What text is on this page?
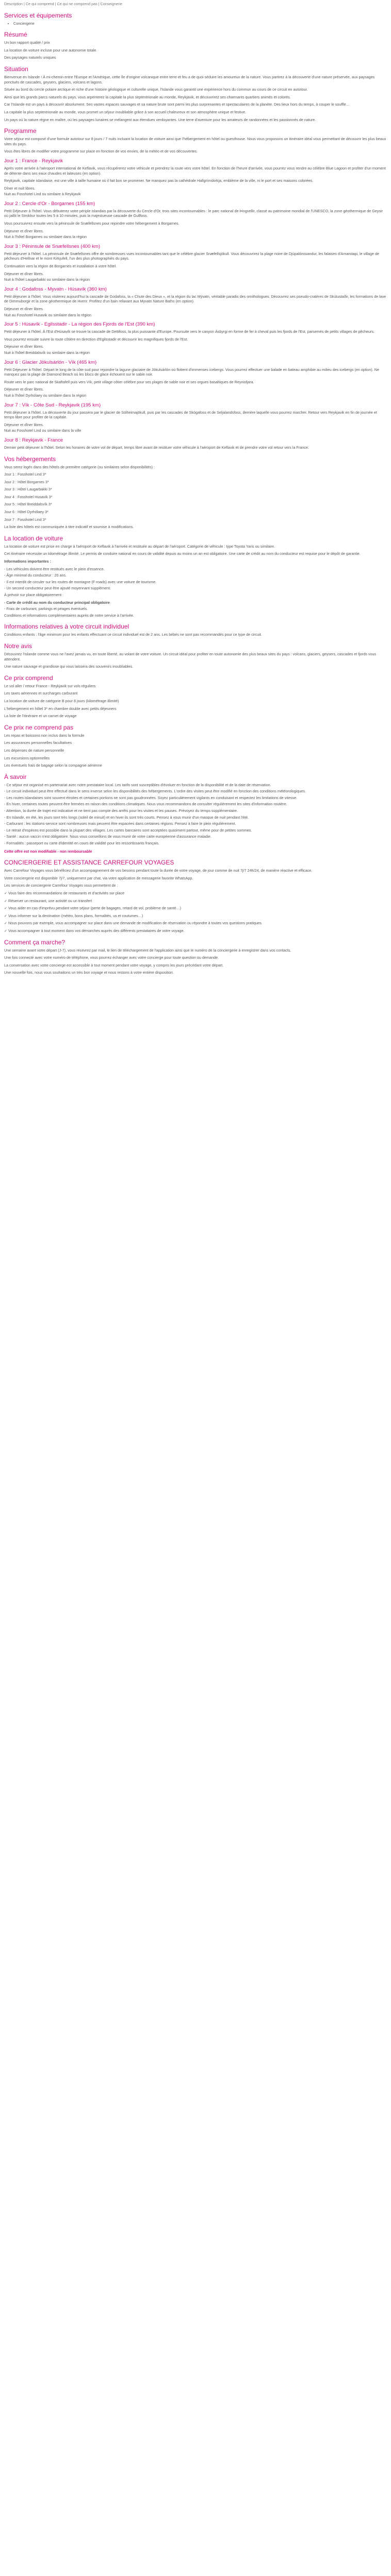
Description | Ce qui comprend | Ce qui ne comprend pas | Conseignerie
Services et équipements
• Conciergerie
Résumé

Un bon rapport qualité / prix

La location de voiture incluse pour une autonomie totale

Des paysages naturels uniques

Situation

Bienvenue en Islande ! À mi-chemin entre l'Europe et l'Amérique, cette île d'origine volcanique entre terre et feu a de quoi séduire les amoureux de la nature. Vous partirez à la découverte d'une nature préservée, aux paysages ponctués de cascades, geysers, glaciers, volcans et lagons.

Située au bord du cercle polaire arctique et riche d'une histoire géologique et culturelle unique, l'Islande vous garantit une expérience hors du commun au cours de ce circuit en autotour.

Ainsi que les grands parcs naturels du pays, vous arpenterez la capitale la plus septentrionale au monde, Reykjavik, et découvrirez ses charmants quartiers animés et colorés.

Car l'Islande est un pays à découvrir absolument. Ses vastes espaces sauvages et sa nature brute sont parmi les plus surprenantes et spectaculaires de la planète. Des lieux hors du temps, à couper le souffle…

La capitale la plus septentrionale au monde, vous promet un séjour inoubliable grâce à son accueil chaleureux et son atmosphère unique et festive.

Un pays où la nature règne en maître, où les paysages lunaires se mélangent aux étendues verdoyantes. Une terre d'aventure pour les amateurs de randonnées et les passionnés de nature.

Programme

Votre séjour est composé d'une formule autotour sur 8 jours / 7 nuits incluant la location de voiture ainsi que l'hébergement en hôtel ou guesthouse. Nous vous proposons un itinéraire idéal vous permettant de découvrir les plus beaux sites du pays.

Vous êtes libres de modifier votre programme sur place en fonction de vos envies, de la météo et de vos découvertes.

Jour 1 : France - Reykjavik

Après votre arrivée à l'aéroport international de Keflavik, vous récupérerez votre véhicule et prendrez la route vers votre hôtel. En fonction de l'heure d'arrivée, vous pourrez vous rendre au célèbre Blue Lagoon et profiter d'un moment de détente dans ses eaux chaudes et laiteuses (en option).

Reykjavik, capitale islandaise, est une ville à taille humaine où il fait bon se promener. Ne manquez pas la cathédrale Hallgrímskirkja, emblème de la ville, ni le port et ses maisons colorées.

Dîner et nuit libres.

Nuit au Fosshotel Lind ou similaire à Reykjavik

Jour 2 : Cercle d'Or - Borgarnes (155 km)

Petit Déjeuner à l'hôtel. Vous débuterez votre périple islandais par la découverte du Cercle d'Or, trois sites incontournables : le parc national de Þingvellir, classé au patrimoine mondial de l'UNESCO, la zone géothermique de Geysir où jaillit le Strokkur toutes les 5 à 10 minutes, puis la majestueuse cascade de Gullfoss.

Vous poursuivrez ensuite vers la péninsule de Snæfellsnes pour rejoindre votre hébergement à Borgarnes.

Déjeuner et dîner libres.

Nuit à l'hôtel Borgarnes ou similaire dans la région

Jour 3 : Péninsule de Snæfellsnes (400 km)

Petit déjeuner à l'hôtel. La péninsule de Snæfellsnes offre de nombreuses vues incontournables tant que le célèbre glacier Snæfellsjökull. Vous découvrirez la plage noire de Djúpalónssandur, les falaises d'Arnarstapi, le village de pêcheurs d'Hellnar et le mont Kirkjufell, l'un des plus photographiés du pays.

Continuation vers la région de Borgarnes et installation à votre hôtel.

Déjeuner et dîner libres.

Nuit à l'hôtel Laugarbakki ou similaire dans la région

Jour 4 : Godafoss - Myvatn - Húsavík (360 km)

Petit déjeuner à l'hôtel. Vous visiterez aujourd'hui la cascade de Godafoss, la « Chute des Dieux », et la région du lac Mývatn, véritable paradis des ornithologues. Découvrez ses pseudo-cratères de Skútustaðir, les formations de lave de Dimmuborgir et la zone géothermique de Hverir. Profitez d'un bain relaxant aux Myvatn Nature Baths (en option).

Déjeuner et dîner libres.

Nuit au Fosshotel Husavik ou similaire dans la région

Jour 5 : Húsavík - Egilsstadir - La région des Fjords de l'Est (390 km)

Petit déjeuner à l'hôtel. À l'Est d'Húsavík se trouve la cascade de Dettifoss, la plus puissante d'Europe. Poursuite vers le canyon Ásbyrgi en forme de fer à cheval puis les fjords de l'Est, parsemés de petits villages de pêcheurs.

Vous pourrez ensuite suivre la route côtière en direction d'Egilsstadir et découvrir les magnifiques fjords de l'Est.

Déjeuner et dîner libres.

Nuit à l'hôtel Breiddalsvík ou similaire dans la région

Jour 6 : Glacier Jökulsárlón - Vík (465 km)

Petit Déjeuner à l'hôtel. Départ le long de la côte sud pour rejoindre la lagune glaciaire de Jökulsárlón où flottent d'immenses icebergs. Vous pourrez effectuer une balade en bateau amphibie au milieu des icebergs (en option). Ne manquez pas la plage de Diamond Beach où les blocs de glace échouent sur le sable noir.

Route vers le parc national de Skaftafell puis vers Vík, petit village côtier célèbre pour ses plages de sable noir et ses orgues basaltiques de Reynisfjara.

Déjeuner et dîner libres.

Nuit à l'hôtel Dyrhólaey ou similaire dans la région

Jour 7 : Vík - Côte Sud - Reykjavik (195 km)

Petit déjeuner à l'hôtel. La découverte du jour passera par le glacier de Sólheimajökull, puis par les cascades de Skógafoss et de Seljalandsfoss, derrière laquelle vous pourrez marcher. Retour vers Reykjavik en fin de journée et temps libre pour profiter de la capitale.

Déjeuner et dîner libres.

Nuit au Fosshotel Lind ou similaire dans la ville

Jour 8 : Reykjavik - France

Dernier petit déjeuner à l'hôtel. Selon les horaires de votre vol de départ, temps libre avant de restituer votre véhicule à l'aéroport de Keflavik et de prendre votre vol retour vers la France.

Vos hébergements

Vous serez logés dans des hôtels de première catégorie (ou similaires selon disponibilités) :

Jour 1 : Fosshotel Lind 3*

Jour 2 : Hôtel Borgarnes 3*

Jour 3 : Hôtel Laugarbakki 3*

Jour 4 : Fosshotel Husavik 3*

Jour 5 : Hôtel Breiddalsvík 3*

Jour 6 : Hôtel Dyrhólaey 3*

Jour 7 : Fosshotel Lind 3*

La liste des hôtels est communiquée à titre indicatif et soumise à modifications.

La location de voiture

La location de voiture est prise en charge à l'aéroport de Keflavik à l'arrivée et restituée au départ de l'aéroport. Catégorie de véhicule : type Toyota Yaris ou similaire.

Cet itinéraire nécessite un kilométrage illimité. Le permis de conduire national en cours de validité depuis au moins un an est obligatoire. Une carte de crédit au nom du conducteur est requise pour le dépôt de garantie.

Informations importantes :

- Les véhicules doivent être restitués avec le plein d'essence.

- Âge minimal du conducteur : 20 ans.

- Il est interdit de circuler sur les routes de montagne (F-roads) avec une voiture de tourisme.

- Un second conducteur peut être ajouté moyennant supplément.

À prévoir sur place obligatoirement :

- Carte de crédit au nom du conducteur principal obligatoire

- Frais de carburant, parkings et péages éventuels.

Conditions et informations complémentaires auprès de notre service à l'arrivée.

Informations relatives à votre circuit individuel

Conditions enfants : l'âge minimum pour les enfants effectuant ce circuit individuel est de 2 ans. Les bébés ne sont pas recommandés pour ce type de circuit.

Notre avis

Découvrez l'Islande comme vous ne l'avez jamais vu, en toute liberté, au volant de votre voiture. Un circuit idéal pour profiter en toute autonomie des plus beaux sites du pays : volcans, glaciers, geysers, cascades et fjords vous attendent.

Une nature sauvage et grandiose qui vous laissera des souvenirs inoubliables.

Ce prix comprend

Le vol aller / retour France - Reykjavik sur vols réguliers

Les taxes aériennes et surcharges carburant

La location de voiture de catégorie B pour 8 jours (kilométrage illimité)

L'hébergement en hôtel 3* en chambre double avec petits déjeuners

La liste de l'itinéraire et un carnet de voyage

Ce prix ne comprend pas

Les repas et boissons non inclus dans la formule

Les assurances personnelles facultatives

Les dépenses de nature personnelle

Les excursions optionnelles

Les éventuels frais de bagage selon la compagnie aérienne

À savoir

- Ce séjour est organisé en partenariat avec notre prestataire local. Les tarifs sont susceptibles d'évoluer en fonction de la disponibilité et de la date de réservation.

- Le circuit individuel peut être effectué dans le sens inverse selon les disponibilités des hébergements. L'ordre des visites peut être modifié en fonction des conditions météorologiques.

- Les routes islandaises sont souvent étroites et certaines portions ne sont pas goudronnées. Soyez particulièrement vigilants en conduisant et respectez les limitations de vitesse.

- En hiver, certaines routes peuvent être fermées en raison des conditions climatiques. Nous vous recommandons de consulter régulièrement les sites d'information routière.

- Attention, la durée de trajet est indicative et ne tient pas compte des arrêts pour les visites et les pauses. Prévoyez du temps supplémentaire.

- En Islande, en été, les jours sont très longs (soleil de minuit) et en hiver ils sont très courts. Pensez à vous munir d'un masque de nuit pendant l'été.

- Carburant : les stations-service sont nombreuses mais peuvent être espacées dans certaines régions. Pensez à faire le plein régulièrement.

- Le retrait d'espèces est possible dans la plupart des villages. Les cartes bancaires sont acceptées quasiment partout, même pour de petites sommes.

- Santé : aucun vaccin n'est obligatoire. Nous vous conseillons de vous munir de votre carte européenne d'assurance maladie.

- Formalités : passeport ou carte d'identité en cours de validité pour les ressortissants français.

Cette offre est non modifiable - non remboursable

CONCIERGERIE ET ASSISTANCE CARREFOUR VOYAGES

Avec Carrefour Voyages vous bénéficiez d'un accompagnement de vos besoins pendant toute la durée de votre voyage, de jour comme de nuit 7j/7 24h/24, de manière réactive et efficace.

Votre conciergerie est disponible 7j/7, uniquement par chat, via votre application de messagerie favorite WhatsApp.

Les services de conciergerie Carrefour Voyages vous permettent de :

✓ Vous faire des recommandations de restaurants et d'activités sur place

✓ Réserver un restaurant, une activité ou un transfert

✓ Vous aider en cas d'imprévu pendant votre séjour (perte de bagages, retard de vol, problème de santé…)

✓ Vous informer sur la destination (météo, bons plans, formalités, us et coutumes…)

✓ Nous pouvons par exemple, vous accompagner sur place dans une demande de modification de réservation ou répondre à toutes vos questions pratiques.

✓ Vous accompagner à tout moment dans vos démarches auprès des différents prestataires de votre voyage.

Comment ça marche?

Une semaine avant votre départ (J-7), vous recevrez par mail, le lien de téléchargement de l'application ainsi que le numéro de la conciergerie à enregistrer dans vos contacts.

Une fois connecté avec votre numéro de téléphone, vous pourrez échanger avec votre concierge pour toute question ou demande.

La conversation avec votre concierge est accessible à tout moment pendant votre voyage, y compris les jours précédant votre départ.

Une nouvelle fois, nous vous souhaitons un très bon voyage et nous restons à votre entière disposition.
